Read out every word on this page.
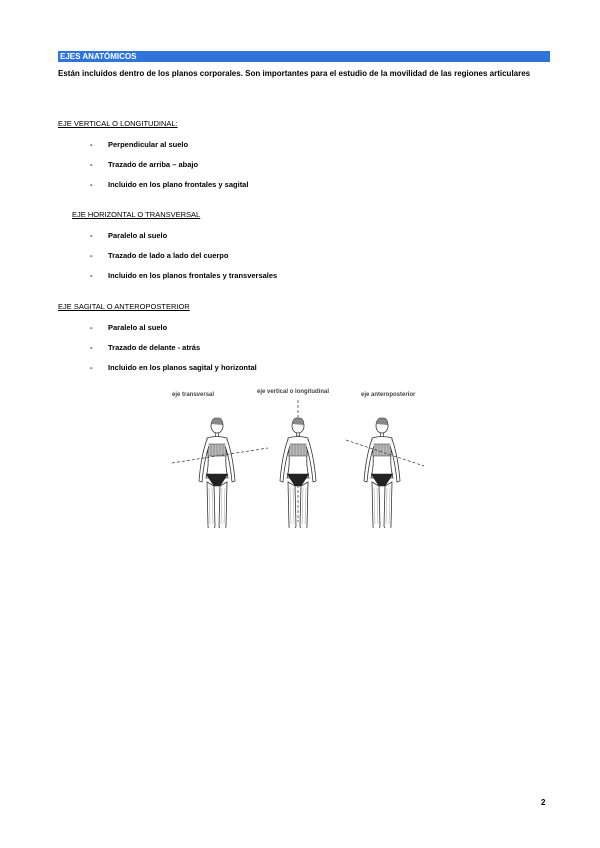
EJES ANATÓMICOS
Están incluidos dentro de los planos corporales. Son importantes para el estudio de la movilidad de las regiones articulares
EJE VERTICAL O LONGITUDINAL:
- Perpendicular al suelo
- Trazado de arriba – abajo
- Incluido en los plano frontales y sagital
EJE HORIZONTAL O TRANSVERSAL
- Paralelo al suelo
- Trazado de lado a lado del cuerpo
- Incluido en los planos frontales y transversales
EJE SAGITAL O ANTEROPOSTERIOR
- Paralelo al suelo
- Trazado de delante - atrás
- Incluido en los planos sagital y horizontal
eje transversal	eje vertical o longitudinal	eje anteroposterior
2
